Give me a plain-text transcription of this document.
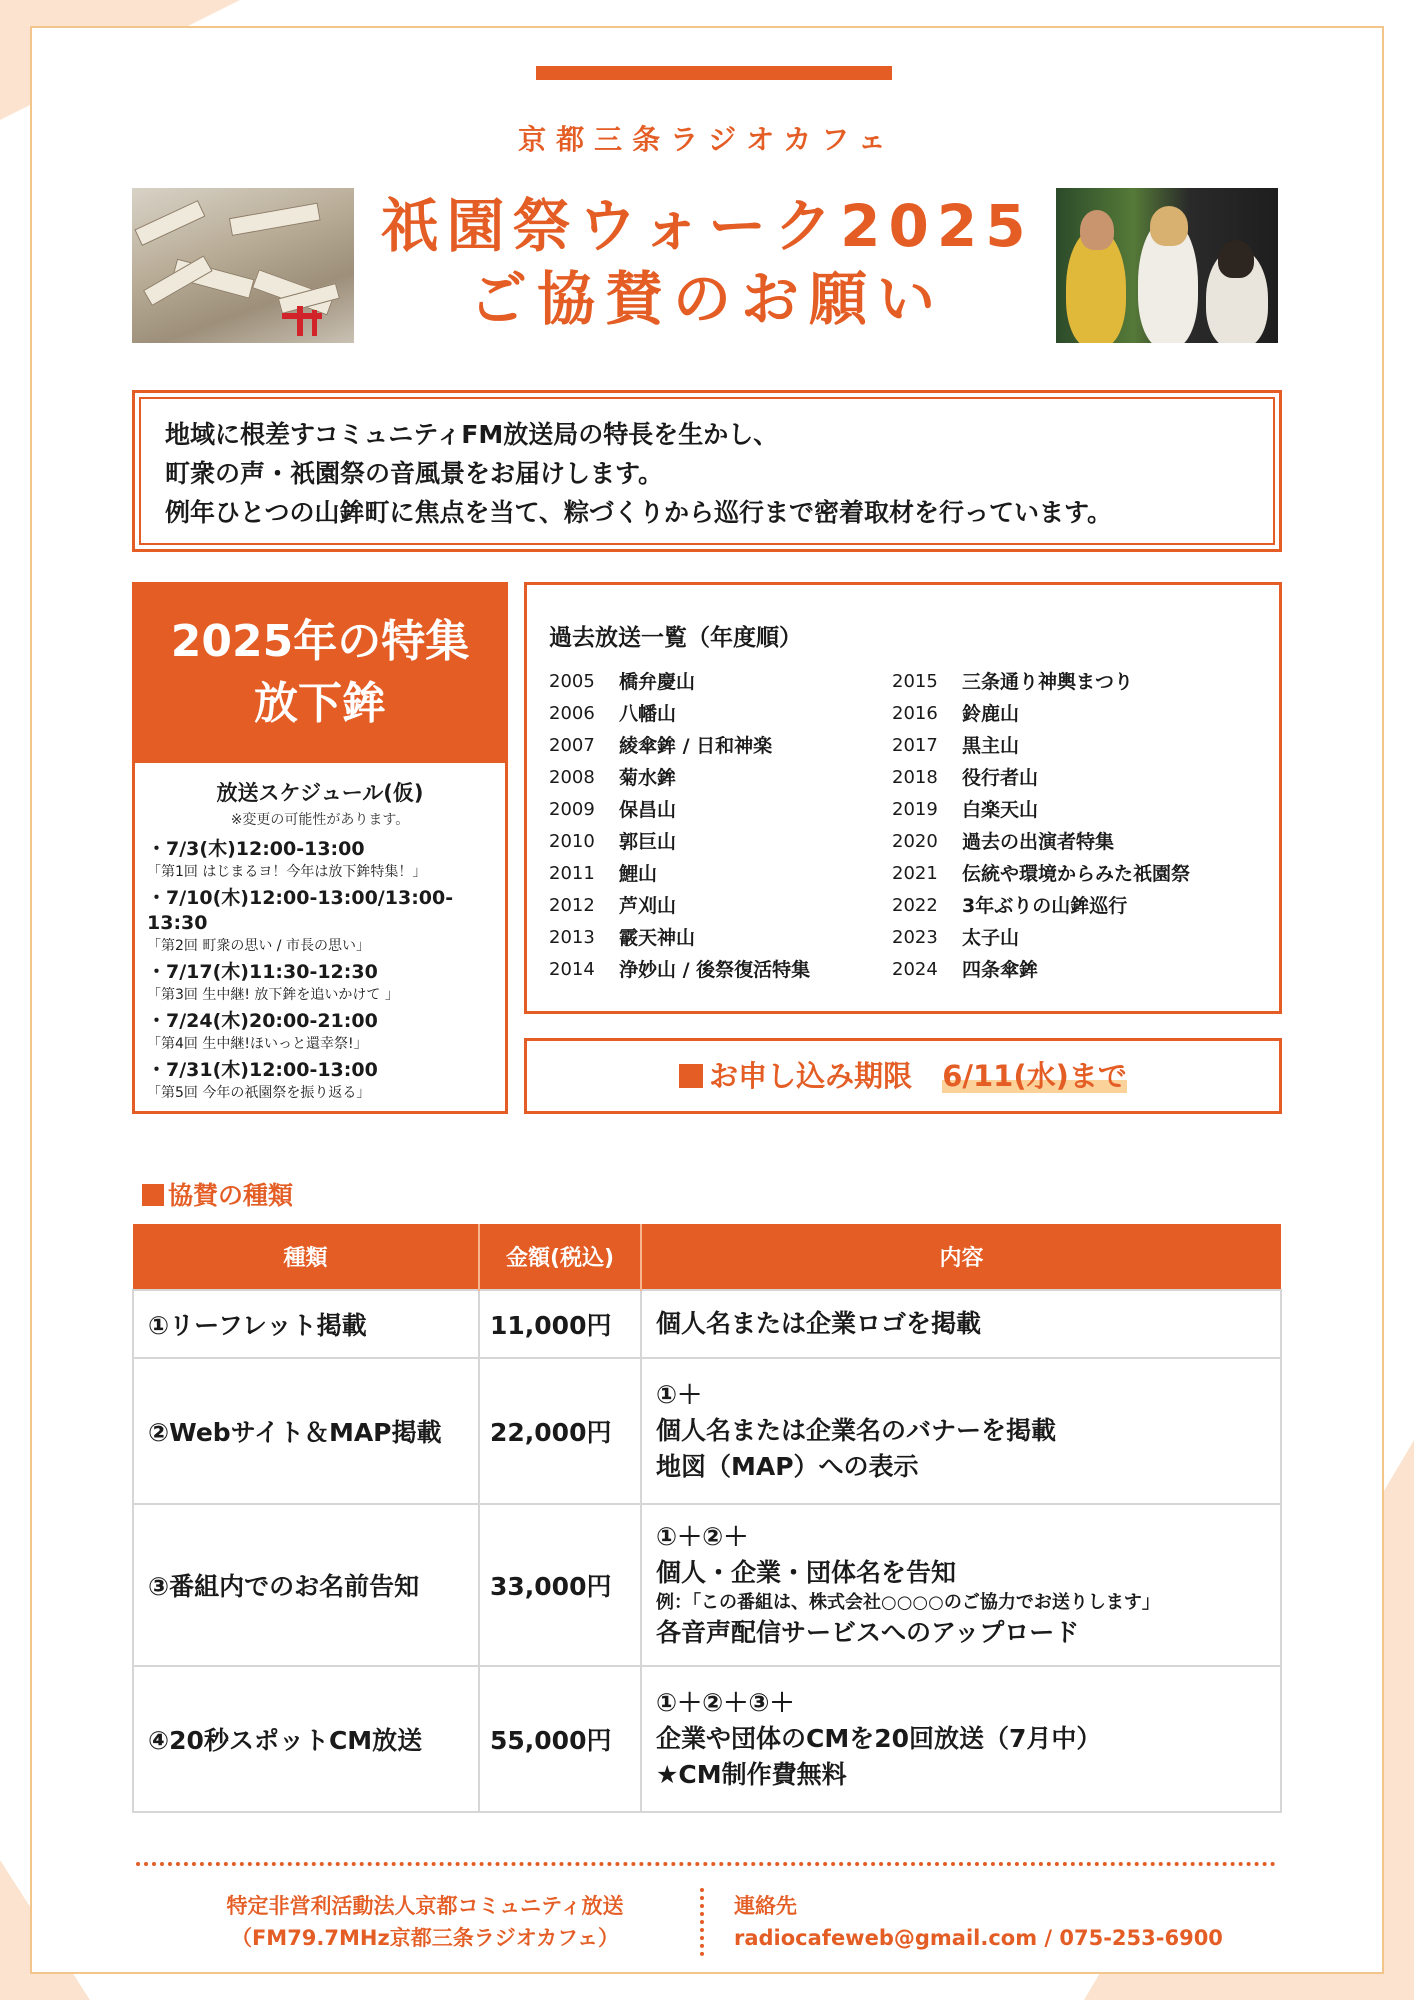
京都三条ラジオカフェ
祇園祭ウォーク2025
ご協賛のお願い
地域に根差すコミュニティFM放送局の特長を生かし、
町衆の声・祇園祭の音風景をお届けします。
例年ひとつの山鉾町に焦点を当て、粽づくりから巡行まで密着取材を行っています。
2025年の特集
放下鉾
放送スケジュール(仮)
※変更の可能性があります。
・7/3(木)12:00-13:00
「第1回 はじまるヨ！今年は放下鉾特集！」
・7/10(木)12:00-13:00/13:00-13:30
「第2回 町衆の思い / 市長の思い」
・7/17(木)11:30-12:30
「第3回 生中継! 放下鉾を追いかけて 」
・7/24(木)20:00-21:00
「第4回 生中継!ほいっと還幸祭!」
・7/31(木)12:00-13:00
「第5回 今年の祇園祭を振り返る」
過去放送一覧（年度順）
2005	橋弁慶山
2006	八幡山
2007	綾傘鉾 / 日和神楽
2008	菊水鉾
2009	保昌山
2010	郭巨山
2011	鯉山
2012	芦刈山
2013	霰天神山
2014	浄妙山 / 後祭復活特集
2015	三条通り神輿まつり
2016	鈴鹿山
2017	黒主山
2018	役行者山
2019	白楽天山
2020	過去の出演者特集
2021	伝統や環境からみた祇園祭
2022	3年ぶりの山鉾巡行
2023	太子山
2024	四条傘鉾
お申し込み期限 6/11(水)まで
協賛の種類
種類	金額(税込)	内容
①リーフレット掲載	11,000円	個人名または企業ロゴを掲載

②Webサイト＆MAP掲載	22,000円	①＋
個人名または企業名のバナーを掲載
地図（MAP）への表示

③番組内でのお名前告知	33,000円	①＋②＋
個人・企業・団体名を告知
例：「この番組は、株式会社○○○○のご協力でお送りします」
各音声配信サービスへのアップロード

④20秒スポットCM放送	55,000円	①＋②＋③＋
企業や団体のCMを20回放送（7月中）
★CM制作費無料
特定非営利活動法人京都コミュニティ放送
（FM79.7MHz京都三条ラジオカフェ）
連絡先
radiocafeweb@gmail.com / 075-253-6900
